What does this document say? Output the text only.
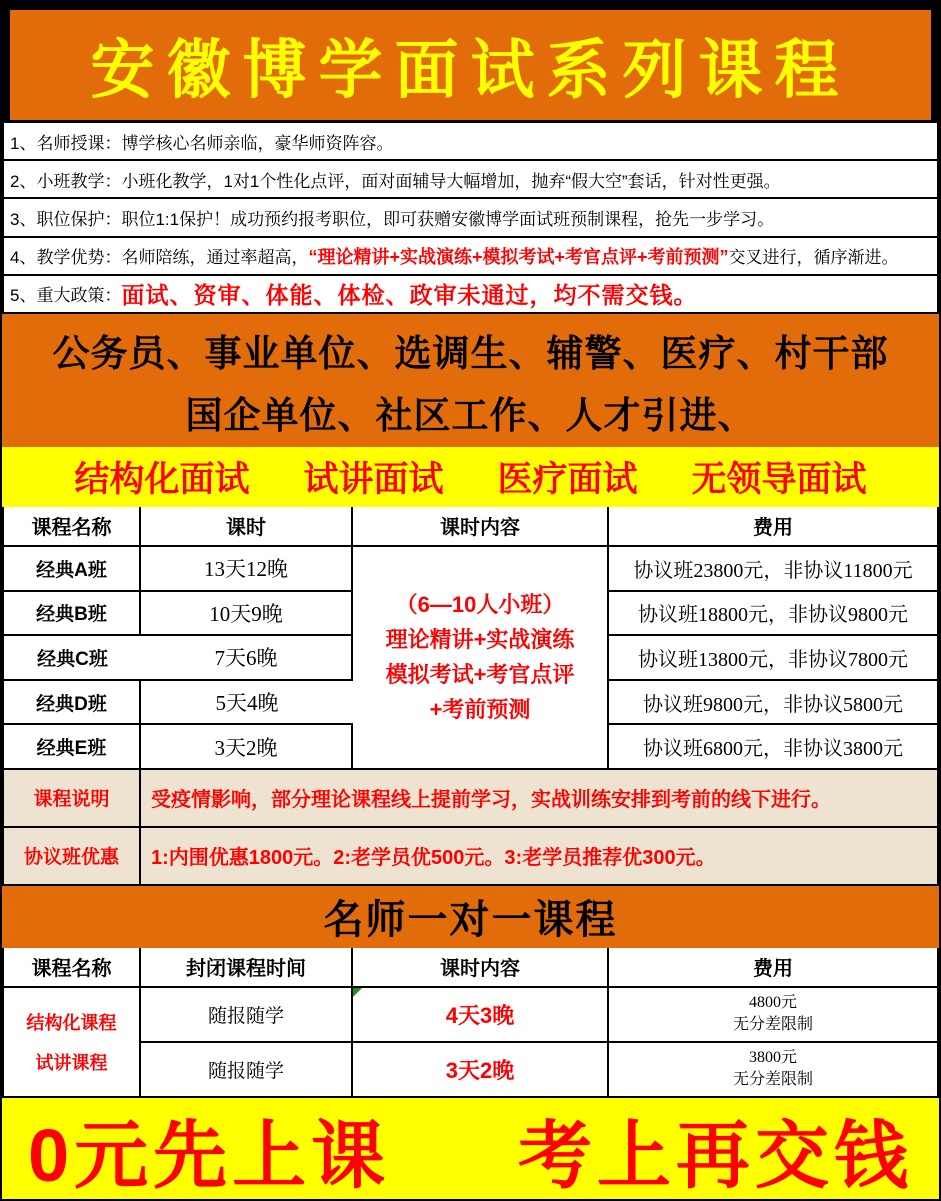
安徽博学面试系列课程
1、名师授课：博学核心名师亲临，豪华师资阵容。
2、小班教学：小班化教学，1对1个性化点评，面对面辅导大幅增加，抛弃“假大空”套话，针对性更强。
3、职位保护：职位1:1保护！成功预约报考职位，即可获赠安徽博学面试班预制课程，抢先一步学习。
4、教学优势：名师陪练，通过率超高， “理论精讲+实战演练+模拟考试+考官点评+考前预测” 交叉进行，循序渐进。
5、重大政策： 面试、资审、体能、体检、政审未通过，均不需交钱。
公务员、事业单位、选调生、辅警、医疗、村干部
国企单位、社区工作、人才引进、
结构化面试 试讲面试 医疗面试 无领导面试
课程名称	课时	课时内容	费用
（6—10人小班）
理论精讲+实战演练
模拟考试+考官点评
+考前预测
经典A班	13天12晚	协议班23800元，非协议11800元
经典B班	10天9晚	协议班18800元，非协议9800元
经典C班	7天6晚	协议班13800元，非协议7800元
经典D班	5天4晚	协议班9800元，非协议5800元
经典E班	3天2晚	协议班6800元，非协议3800元
课程说明	受疫情影响，部分理论课程线上提前学习，实战训练安排到考前的线下进行。
协议班优惠	1:内围优惠1800元。2:老学员优500元。3:老学员推荐优300元。
名师一对一课程
课程名称	封闭课程时间	课时内容	费用
结构化课程
试讲课程
随报随学	4天3晚	4800元
无分差限制
随报随学	3天2晚	3800元
无分差限制
0元先上课 考上再交钱
